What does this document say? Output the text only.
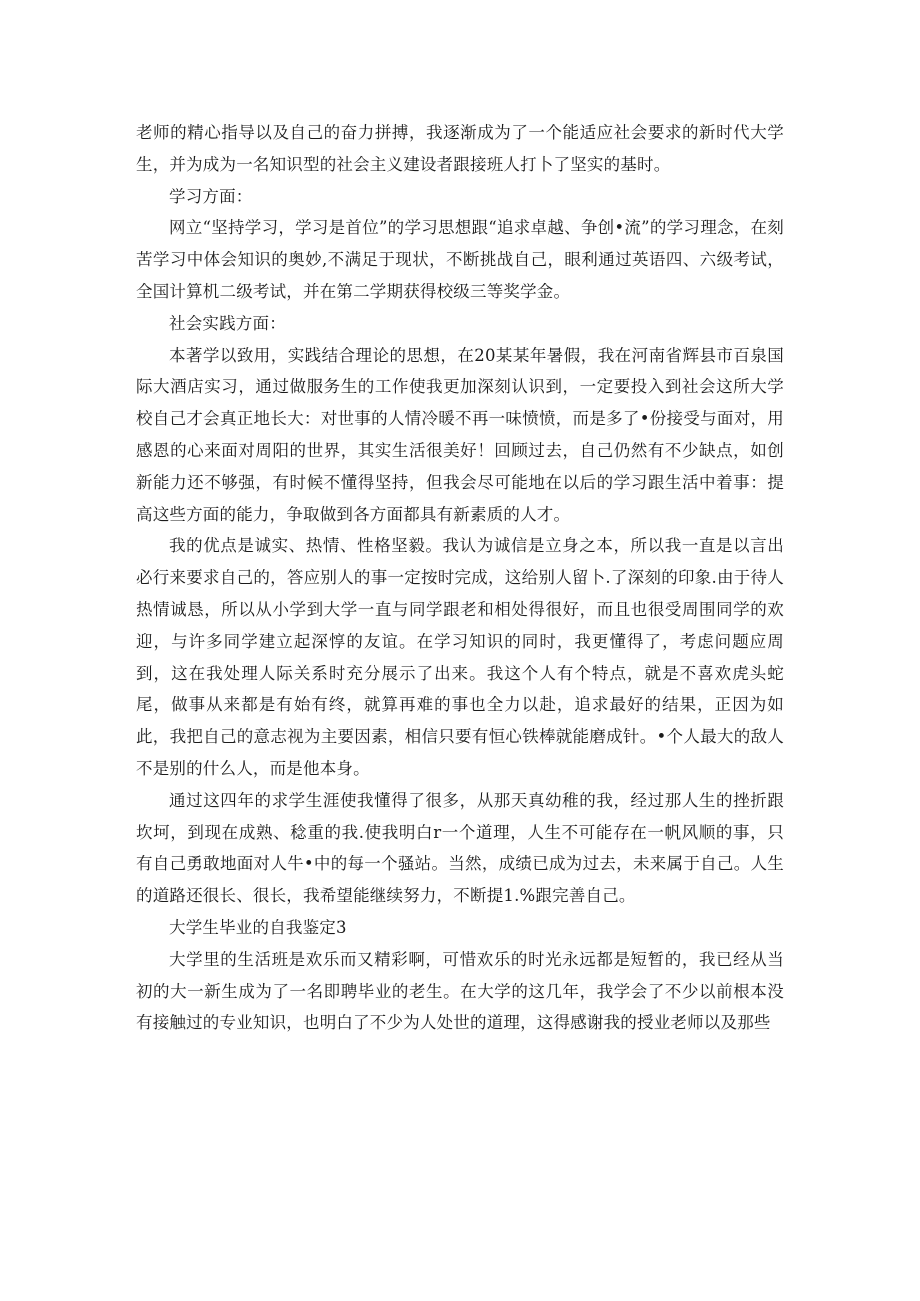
老师的精心指导以及自己的奋力拼搏，我逐渐成为了一个能适应社会要求的新时代大学生，并为成为一名知识型的社会主义建设者跟接班人打卜了坚实的基时。

学习方面：

网立“坚持学习，学习是首位”的学习思想跟“追求卓越、争创•流”的学习理念，在刻苦学习中体会知识的奥妙,不满足于现状，不断挑战自己，眼利通过英语四、六级考试，全国计算机二级考试，并在第二学期获得校级三等奖学金。

社会实践方面：

本著学以致用，实践结合理论的思想，在20某某年暑假，我在河南省辉县市百泉国际大酒店实习，通过做服务生的工作使我更加深刻认识到，一定要投入到社会这所大学校自己才会真正地长大：对世事的人情冷暖不再一味愤愤，而是多了•份接受与面对，用感恩的心来面对周阳的世界，其实生活很美好！回顾过去，自己仍然有不少缺点，如创新能力还不够强，有时候不懂得坚持，但我会尽可能地在以后的学习跟生活中着事：提高这些方面的能力，争取做到各方面都具有新素质的人才。

我的优点是诚实、热情、性格坚毅。我认为诚信是立身之本，所以我一直是以言出必行来要求自己的，答应别人的事一定按时完成，这给别人留卜.了深刻的印象.由于待人热情诚恳，所以从小学到大学一直与同学跟老和相处得很好，而且也很受周围同学的欢迎，与许多同学建立起深惇的友谊。在学习知识的同时，我更懂得了，考虑问题应周到，这在我处理人际关系时充分展示了出来。我这个人有个特点，就是不喜欢虎头蛇尾，做事从来都是有始有终，就算再难的事也全力以赴，追求最好的结果，正因为如此，我把自己的意志视为主要因素，相信只要有恒心铁棒就能磨成针。•个人最大的敌人不是别的什么人，而是他本身。

通过这四年的求学生涯使我懂得了很多，从那天真幼稚的我，经过那人生的挫折跟坎坷，到现在成熟、稔重的我.使我明白r一个道理，人生不可能存在一帆风顺的事，只有自己勇敢地面对人牛•中的每一个骚站。当然，成绩已成为过去，未来属于自己。人生的道路还很长、很长，我希望能继续努力，不断提1.%跟完善自己。

大学生毕业的自我鉴定3

大学里的生活班是欢乐而又精彩啊，可惜欢乐的时光永远都是短暂的，我已经从当初的大一新生成为了一名即聘毕业的老生。在大学的这几年，我学会了不少以前根本没有接触过的专业知识，也明白了不少为人处世的道理，这得感谢我的授业老师以及那些
